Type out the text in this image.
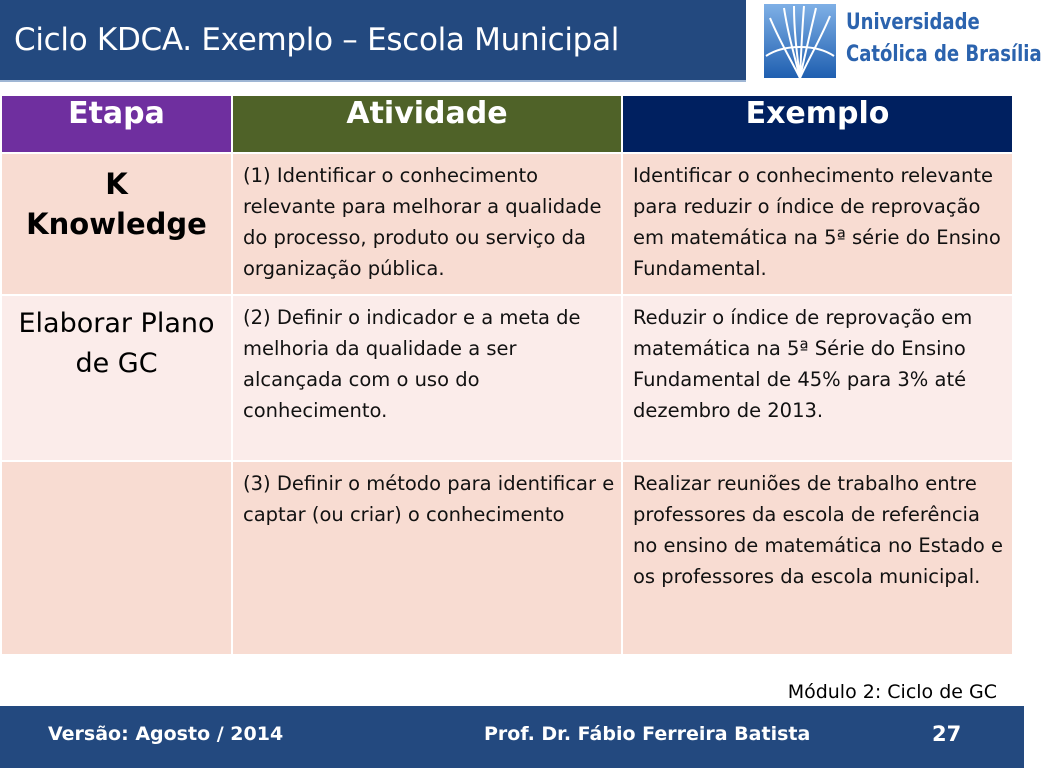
Ciclo KDCA. Exemplo – Escola Municipal	Universidade
Católica de Brasília
Etapa	Atividade	Exemplo

K
Knowledge	(1) Identificar o conhecimento relevante para melhorar a qualidade do processo, produto ou serviço da organização pública.	Identificar o conhecimento relevante para reduzir o índice de reprovação em matemática na 5ª série do Ensino Fundamental.

Elaborar Plano de GC	(2) Definir o indicador e a meta de melhoria da qualidade a ser alcançada com o uso do conhecimento.	Reduzir o índice de reprovação em matemática na 5ª Série do Ensino Fundamental de 45% para 3% até dezembro de 2013.

	(3) Definir o método para identificar e captar (ou criar) o conhecimento	Realizar reuniões de trabalho entre professores da escola de referência no ensino de matemática no Estado e os professores da escola municipal.
Módulo 2: Ciclo de GC
Versão: Agosto / 2014	Prof. Dr. Fábio Ferreira Batista	27
